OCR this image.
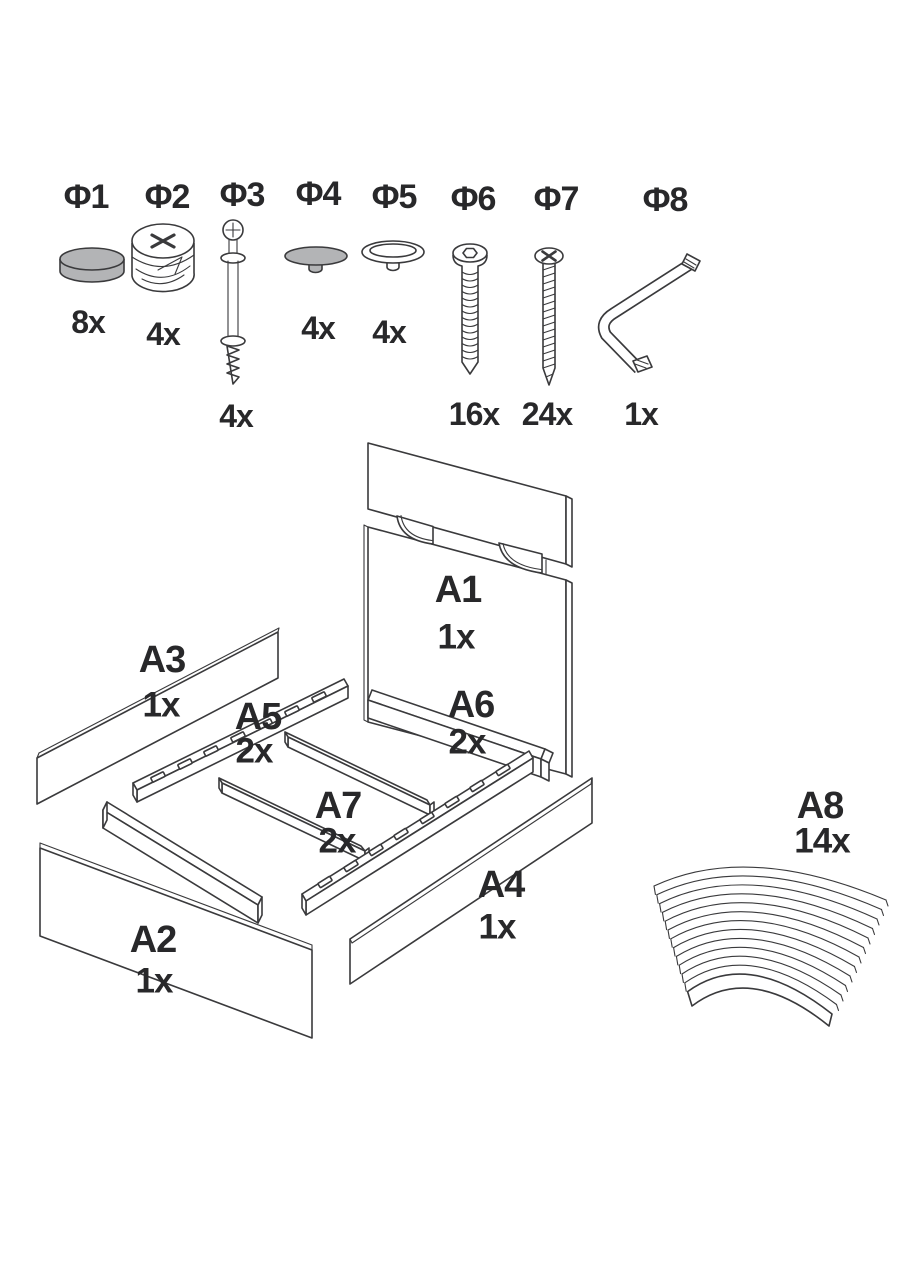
Φ1 Φ2 Φ3 Φ4 Φ5 Φ6 Φ7 Φ8
8x 4x
4x
4x 4x
16x 24x 1x
A1
1x
A2
1x
A3
1x
A4
1x
A5
2x
A6
2x
A7
2x
A8
14x
